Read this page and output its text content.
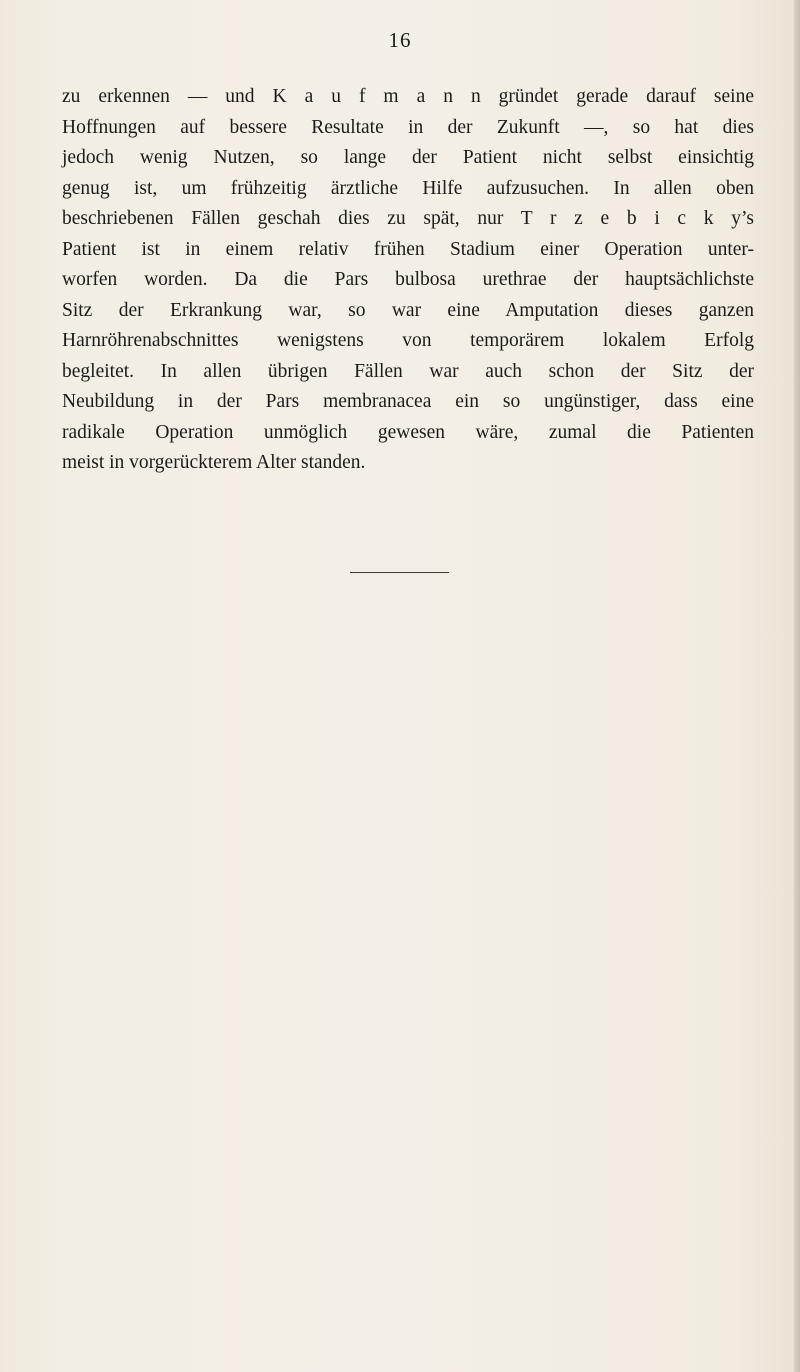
16
zu erkennen — und K a u f m a n n gründet gerade darauf seine
Hoffnungen auf bessere Resultate in der Zukunft —, so hat dies
jedoch wenig Nutzen, so lange der Patient nicht selbst einsichtig
genug ist, um frühzeitig ärztliche Hilfe aufzusuchen. In allen oben
beschriebenen Fällen geschah dies zu spät, nur T r z e b i c k y’s
Patient ist in einem relativ frühen Stadium einer Operation unter-
worfen worden. Da die Pars bulbosa urethrae der hauptsächlichste
Sitz der Erkrankung war, so war eine Amputation dieses ganzen
Harnröhrenabschnittes wenigstens von temporärem lokalem Erfolg
begleitet. In allen übrigen Fällen war auch schon der Sitz der
Neubildung in der Pars membranacea ein so ungünstiger, dass eine
radikale Operation unmöglich gewesen wäre, zumal die Patienten
meist in vorgerückterem Alter standen.
